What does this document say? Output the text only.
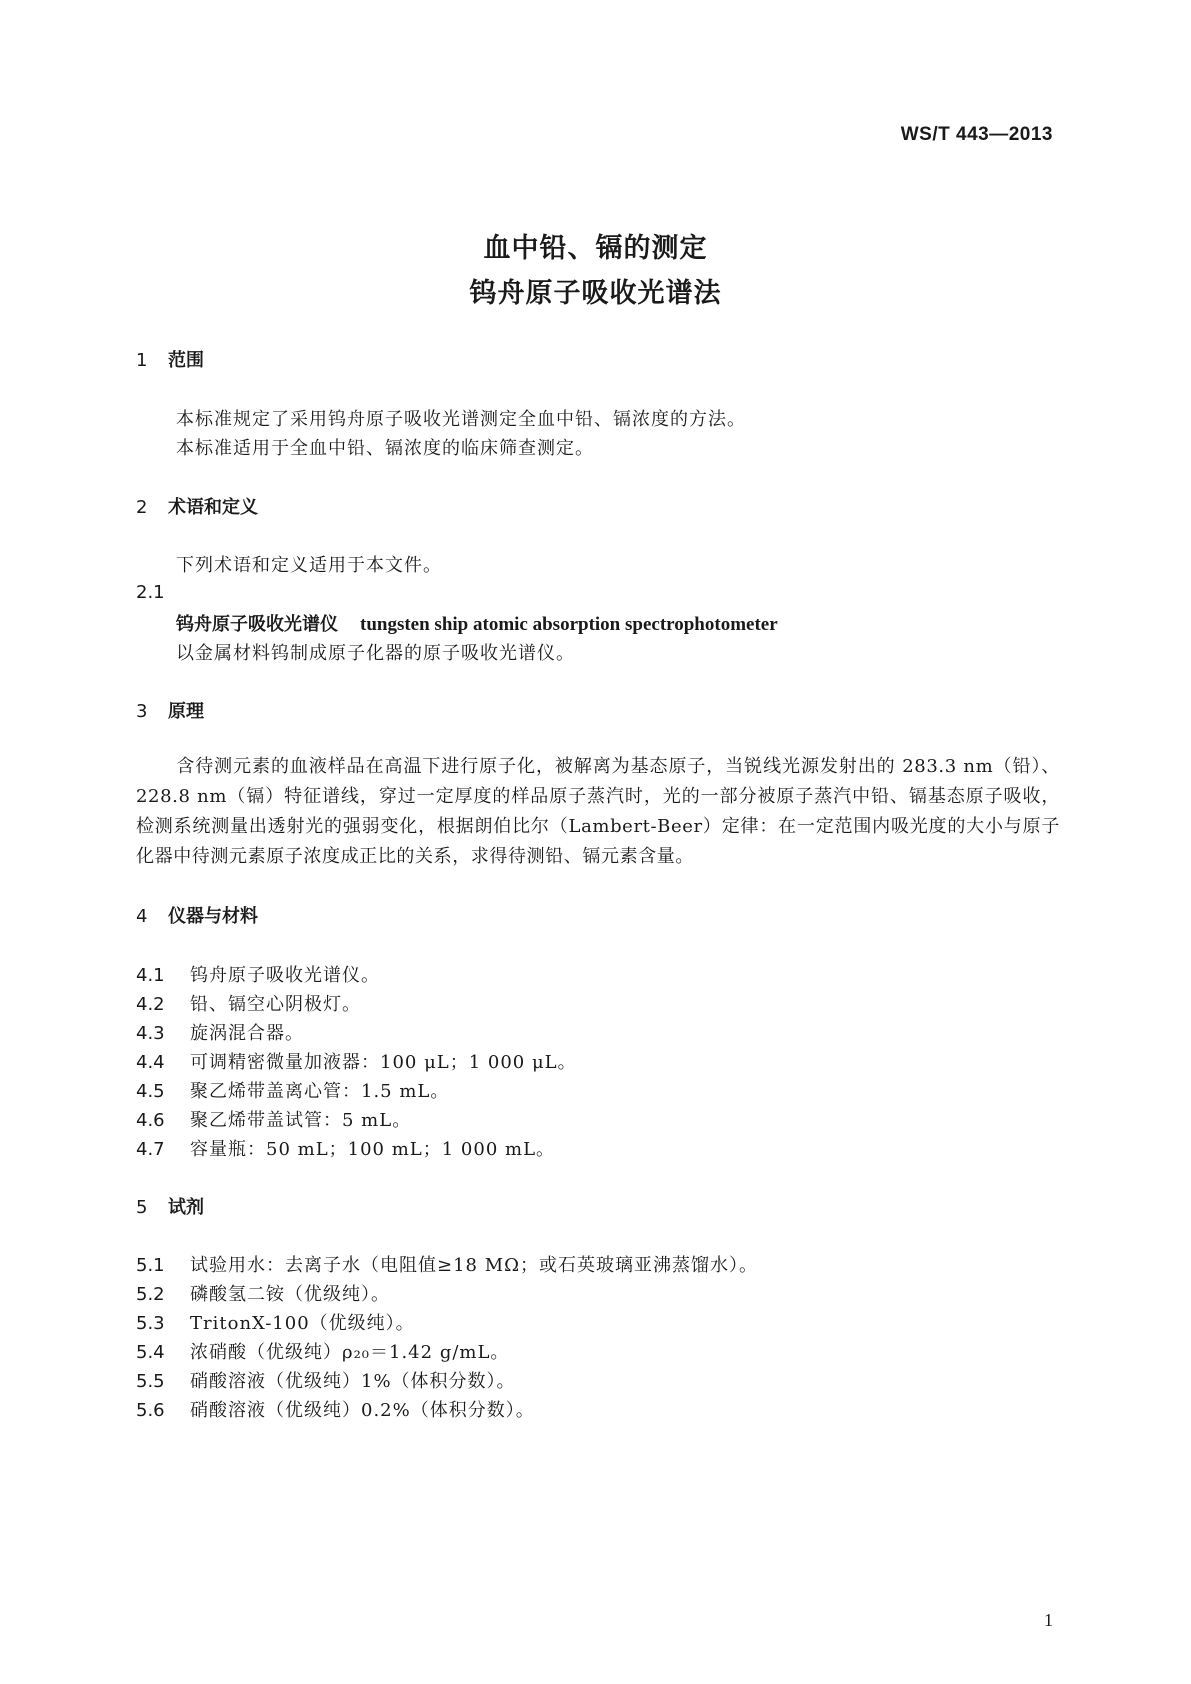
WS/T 443—2013
血中铅、镉的测定
钨舟原子吸收光谱法
1 范围
本标准规定了采用钨舟原子吸收光谱测定全血中铅、镉浓度的方法。
本标准适用于全血中铅、镉浓度的临床筛查测定。
2 术语和定义
下列术语和定义适用于本文件。
2.1
钨舟原子吸收光谱仪 tungsten ship atomic absorption spectrophotometer
以金属材料钨制成原子化器的原子吸收光谱仪。
3 原理
含待测元素的血液样品在高温下进行原子化，被解离为基态原子，当锐线光源发射出的 283.3 nm（铅）、228.8 nm（镉）特征谱线，穿过一定厚度的样品原子蒸汽时，光的一部分被原子蒸汽中铅、镉基态原子吸收，检测系统测量出透射光的强弱变化，根据朗伯比尔（Lambert-Beer）定律：在一定范围内吸光度的大小与原子化器中待测元素原子浓度成正比的关系，求得待测铅、镉元素含量。
4 仪器与材料
4.1 钨舟原子吸收光谱仪。
4.2 铅、镉空心阴极灯。
4.3 旋涡混合器。
4.4 可调精密微量加液器：100 μL；1 000 μL。
4.5 聚乙烯带盖离心管：1.5 mL。
4.6 聚乙烯带盖试管：5 mL。
4.7 容量瓶：50 mL；100 mL；1 000 mL。
5 试剂
5.1 试验用水：去离子水（电阻值≥18 MΩ；或石英玻璃亚沸蒸馏水）。
5.2 磷酸氢二铵（优级纯）。
5.3 TritonX-100（优级纯）。
5.4 浓硝酸（优级纯）ρ₂₀＝1.42 g/mL。
5.5 硝酸溶液（优级纯）1%（体积分数）。
5.6 硝酸溶液（优级纯）0.2%（体积分数）。
1
